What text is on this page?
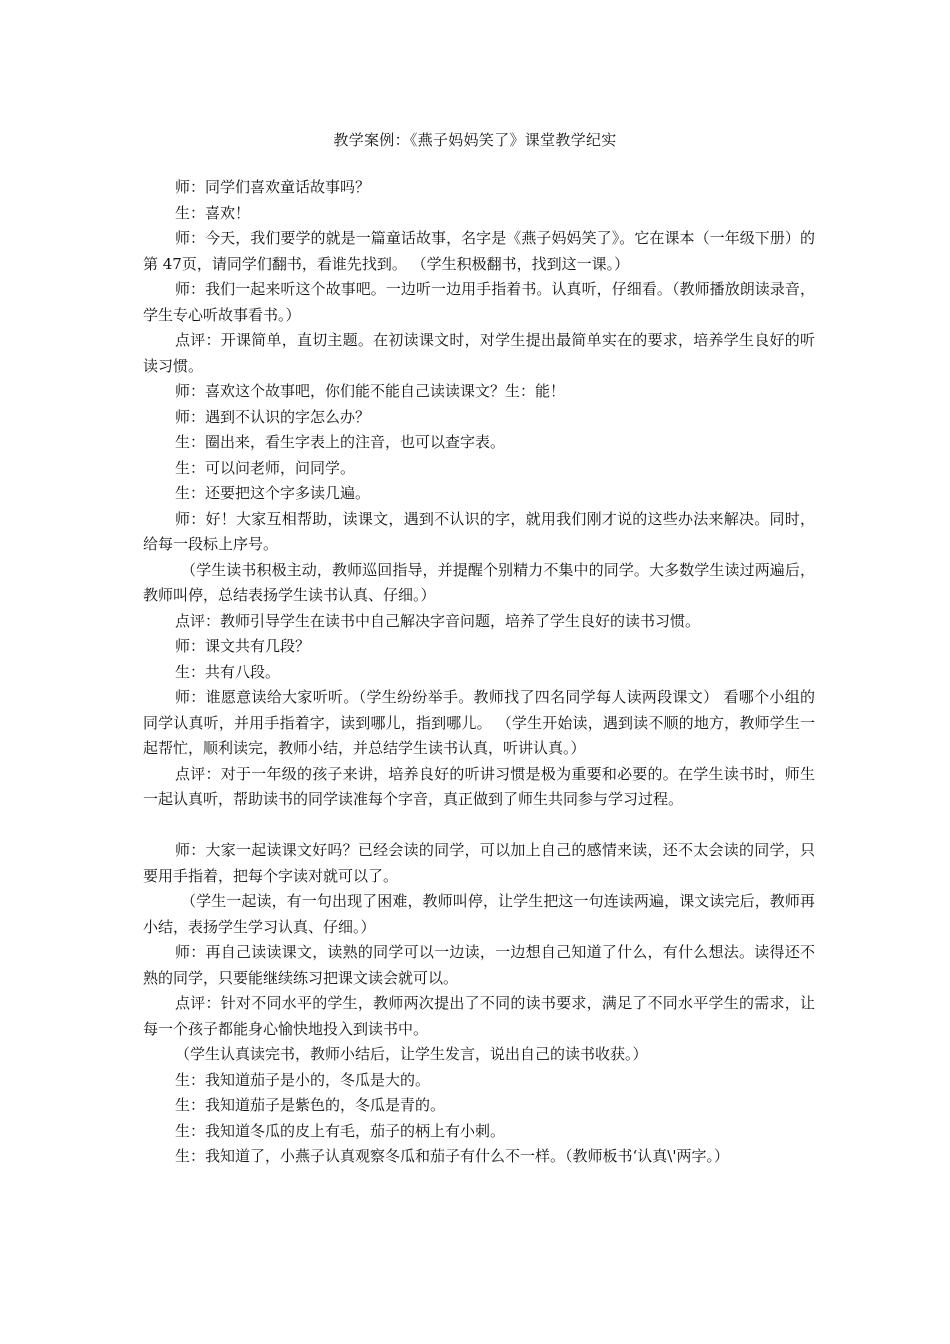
教学案例：《燕子妈妈笑了》课堂教学纪实

师：同学们喜欢童话故事吗？

生：喜欢！

师：今天，我们要学的就是一篇童话故事，名字是《燕子妈妈笑了》。它在课本（一年级下册）的第 47页，请同学们翻书，看谁先找到。 （学生积极翻书，找到这一课。）

师：我们一起来听这个故事吧。一边听一边用手指着书。认真听，仔细看。（教师播放朗读录音，学生专心听故事看书。）

点评：开课简单，直切主题。在初读课文时，对学生提出最简单实在的要求，培养学生良好的听读习惯。

师：喜欢这个故事吧，你们能不能自己读读课文？生：能！

师：遇到不认识的字怎么办？

生：圈出来，看生字表上的注音，也可以查字表。

生：可以问老师，问同学。

生：还要把这个字多读几遍。

师：好！大家互相帮助，读课文，遇到不认识的字，就用我们刚才说的这些办法来解决。同时，给每一段标上序号。

（学生读书积极主动，教师巡回指导，并提醒个别精力不集中的同学。大多数学生读过两遍后，教师叫停，总结表扬学生读书认真、仔细。）

点评：教师引导学生在读书中自己解决字音问题，培养了学生良好的读书习惯。

师：课文共有几段？

生：共有八段。

师：谁愿意读给大家听听。（学生纷纷举手。教师找了四名同学每人读两段课文） 看哪个小组的同学认真听，并用手指着字，读到哪儿，指到哪儿。 （学生开始读，遇到读不顺的地方，教师学生一起帮忙，顺利读完，教师小结，并总结学生读书认真，听讲认真。）

点评：对于一年级的孩子来讲，培养良好的听讲习惯是极为重要和必要的。在学生读书时，师生一起认真听，帮助读书的同学读准每个字音，真正做到了师生共同参与学习过程。

师：大家一起读课文好吗？已经会读的同学，可以加上自己的感情来读，还不太会读的同学，只要用手指着，把每个字读对就可以了。

（学生一起读，有一句出现了困难，教师叫停，让学生把这一句连读两遍，课文读完后，教师再小结，表扬学生学习认真、仔细。）

师：再自己读读课文，读熟的同学可以一边读，一边想自己知道了什么，有什么想法。读得还不熟的同学，只要能继续练习把课文读会就可以。

点评：针对不同水平的学生，教师两次提出了不同的读书要求，满足了不同水平学生的需求，让每一个孩子都能身心愉快地投入到读书中。

（学生认真读完书，教师小结后，让学生发言，说出自己的读书收获。）

生：我知道茄子是小的，冬瓜是大的。

生：我知道茄子是紫色的，冬瓜是青的。

生：我知道冬瓜的皮上有毛，茄子的柄上有小刺。

生：我知道了，小燕子认真观察冬瓜和茄子有什么不一样。（教师板书‘认真\'两字。）
